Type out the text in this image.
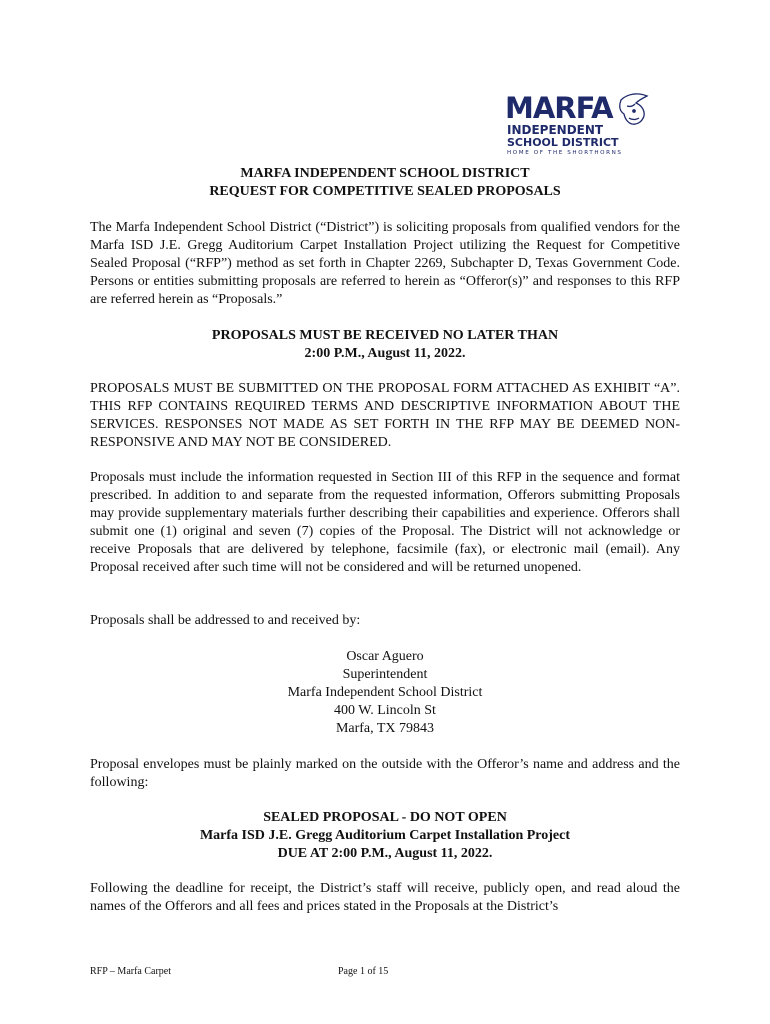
MARFA
INDEPENDENT
SCHOOL DISTRICT
HOME OF THE SHORTHORNS
MARFA INDEPENDENT SCHOOL DISTRICT
REQUEST FOR COMPETITIVE SEALED PROPOSALS

The Marfa Independent School District (“District”) is soliciting proposals from qualified vendors for the Marfa ISD J.E. Gregg Auditorium Carpet Installation Project utilizing the Request for Competitive Sealed Proposal (“RFP”) method as set forth in Chapter 2269, Subchapter D, Texas Government Code. Persons or entities submitting proposals are referred to herein as “Offeror(s)” and responses to this RFP are referred herein as “Proposals.”

PROPOSALS MUST BE RECEIVED NO LATER THAN
2:00 P.M., August 11, 2022.

PROPOSALS MUST BE SUBMITTED ON THE PROPOSAL FORM ATTACHED AS EXHIBIT “A”. THIS RFP CONTAINS REQUIRED TERMS AND DESCRIPTIVE INFORMATION ABOUT THE SERVICES. RESPONSES NOT MADE AS SET FORTH IN THE RFP MAY BE DEEMED NON-RESPONSIVE AND MAY NOT BE CONSIDERED.

Proposals must include the information requested in Section III of this RFP in the sequence and format prescribed. In addition to and separate from the requested information, Offerors submitting Proposals may provide supplementary materials further describing their capabilities and experience. Offerors shall submit one (1) original and seven (7) copies of the Proposal. The District will not acknowledge or receive Proposals that are delivered by telephone, facsimile (fax), or electronic mail (email). Any Proposal received after such time will not be considered and will be returned unopened.

Proposals shall be addressed to and received by:

Oscar Aguero
Superintendent
Marfa Independent School District
400 W. Lincoln St
Marfa, TX 79843

Proposal envelopes must be plainly marked on the outside with the Offeror’s name and address and the following:

SEALED PROPOSAL - DO NOT OPEN
Marfa ISD J.E. Gregg Auditorium Carpet Installation Project
DUE AT 2:00 P.M., August 11, 2022.

Following the deadline for receipt, the District’s staff will receive, publicly open, and read aloud the names of the Offerors and all fees and prices stated in the Proposals at the District’s

RFP – Marfa Carpet	Page 1 of 15
